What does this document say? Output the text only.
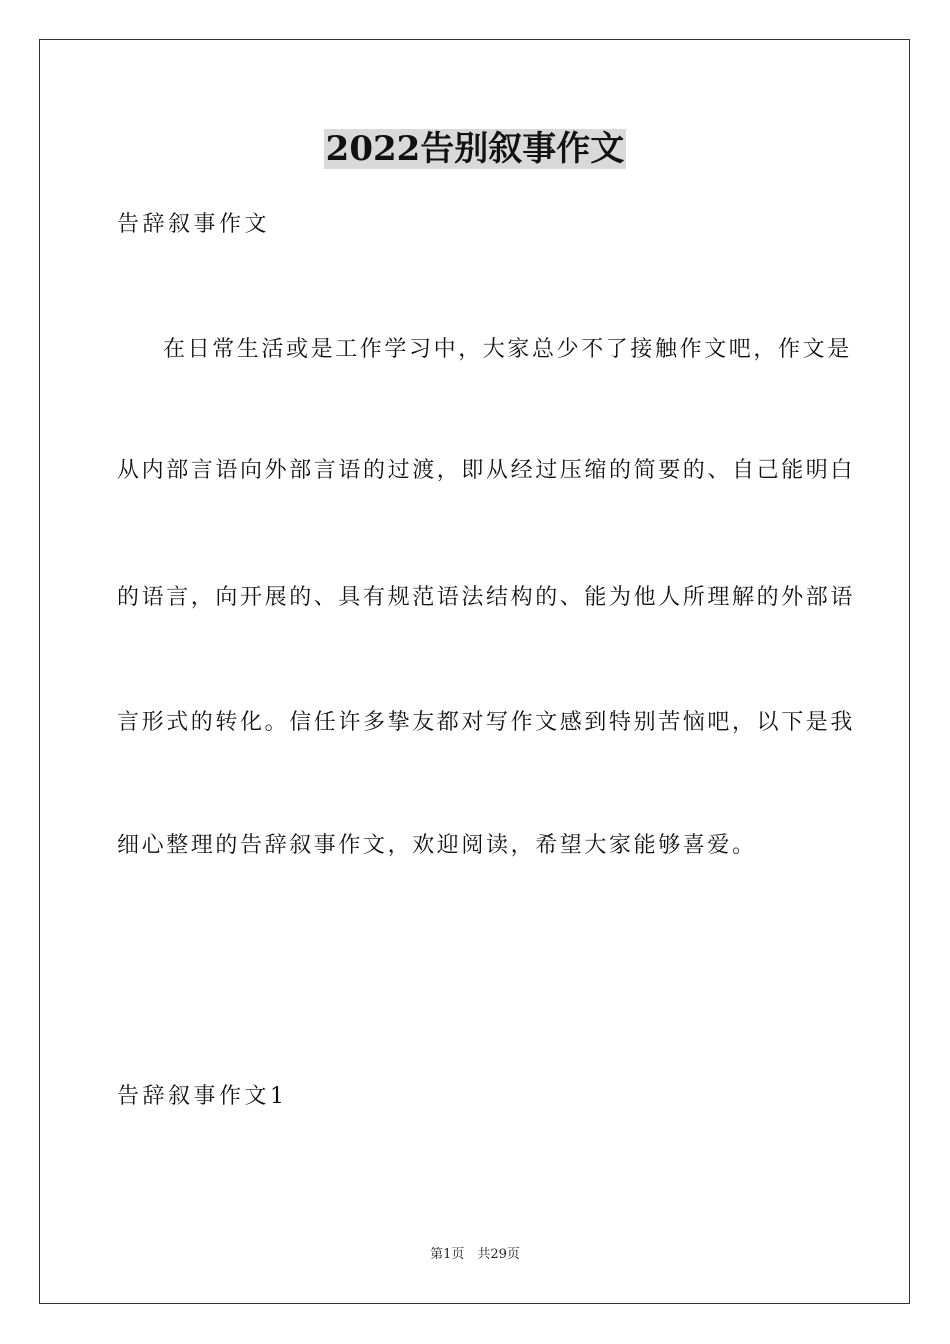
2022告别叙事作文

告辞叙事作文

在日常生活或是工作学习中，大家总少不了接触作文吧，作文是

从内部言语向外部言语的过渡，即从经过压缩的简要的、自己能明白

的语言，向开展的、具有规范语法结构的、能为他人所理解的外部语

言形式的转化。信任许多挚友都对写作文感到特别苦恼吧，以下是我

细心整理的告辞叙事作文，欢迎阅读，希望大家能够喜爱。

告辞叙事作文1

第1页　共29页
